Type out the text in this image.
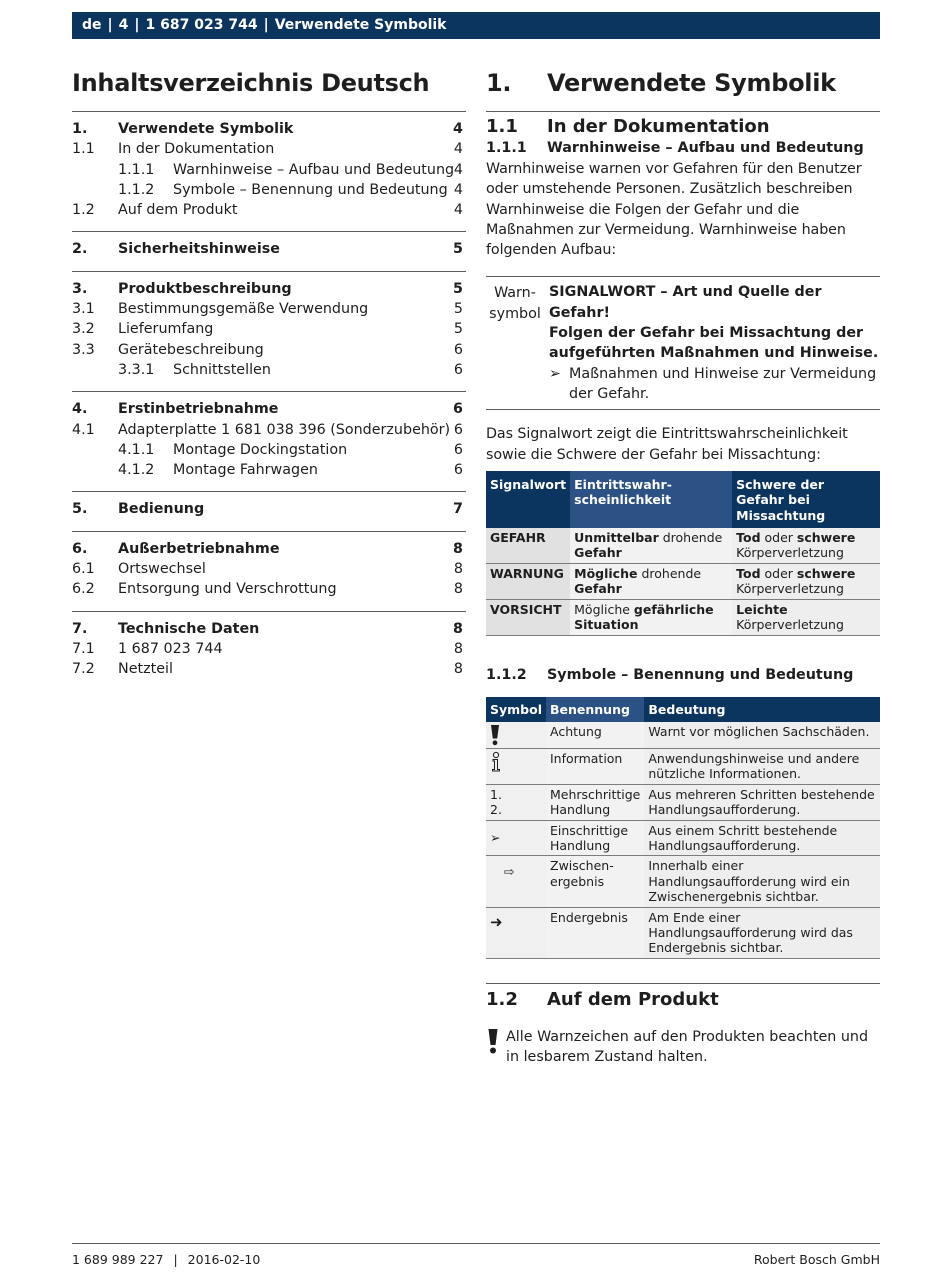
de | 4 | 1 687 023 744 | Verwendete Symbolik
Inhaltsverzeichnis Deutsch
1. Verwendete Symbolik	4
1.1 In der Dokumentation	4
1.1.1 Warnhinweise – Aufbau und Bedeutung 4
1.1.2 Symbole – Benennung und Bedeutung 4
1.2 Auf dem Produkt	4
2. Sicherheitshinweise	5
3. Produktbeschreibung	5
3.1 Bestimmungsgemäße Verwendung	5
3.2 Lieferumfang	5
3.3 Gerätebeschreibung	6
3.3.1 Schnittstellen	6
4. Erstinbetriebnahme	6
4.1 Adapterplatte 1 681 038 396 (Sonderzubehör) 6
4.1.1 Montage Dockingstation	6
4.1.2 Montage Fahrwagen	6
5. Bedienung	7
6. Außerbetriebnahme	8
6.1 Ortswechsel	8
6.2 Entsorgung und Verschrottung	8
7. Technische Daten	8
7.1 1 687 023 744	8
7.2 Netzteil	8
1. Verwendete Symbolik
1.1 In der Dokumentation
1.1.1 Warnhinweise – Aufbau und Bedeutung
Warnhinweise warnen vor Gefahren für den Benutzer oder umstehende Personen. Zusätzlich beschreiben Warnhinweise die Folgen der Gefahr und die Maßnahmen zur Vermeidung. Warnhinweise haben folgenden Aufbau:
Warnsymbol
SIGNALWORT – Art und Quelle der Gefahr!
Folgen der Gefahr bei Missachtung der aufgeführten Maßnahmen und Hinweise.
➢ Maßnahmen und Hinweise zur Vermeidung der Gefahr.
Das Signalwort zeigt die Eintrittswahrscheinlichkeit sowie die Schwere der Gefahr bei Missachtung:
Signalwort	Eintrittswahrscheinlichkeit	Schwere der Gefahr bei Missachtung
GEFAHR	Unmittelbar drohende Gefahr	Tod oder schwere Körperverletzung
WARNUNG	Mögliche drohende Gefahr	Tod oder schwere Körperverletzung
VORSICHT	Mögliche gefährliche Situation	Leichte Körperverletzung
1.1.2 Symbole – Benennung und Bedeutung
Symbol	Benennung	Bedeutung

	Achtung	Warnt vor möglichen Sachschäden.

	Information	Anwendungshinweise und andere nützliche Informationen.
1.
2.	Mehrschrittige Handlung	Aus mehreren Schritten bestehende Handlungsaufforderung.
➢	Einschrittige Handlung	Aus einem Schritt bestehende Handlungsaufforderung.
⇨	Zwischenergebnis	Innerhalb einer Handlungsaufforderung wird ein Zwischenergebnis sichtbar.
➜	Endergebnis	Am Ende einer Handlungsaufforderung wird das Endergebnis sichtbar.
1.2 Auf dem Produkt
Alle Warnzeichen auf den Produkten beachten und in lesbarem Zustand halten.
1 689 989 227 | 2016-02-10	Robert Bosch GmbH
